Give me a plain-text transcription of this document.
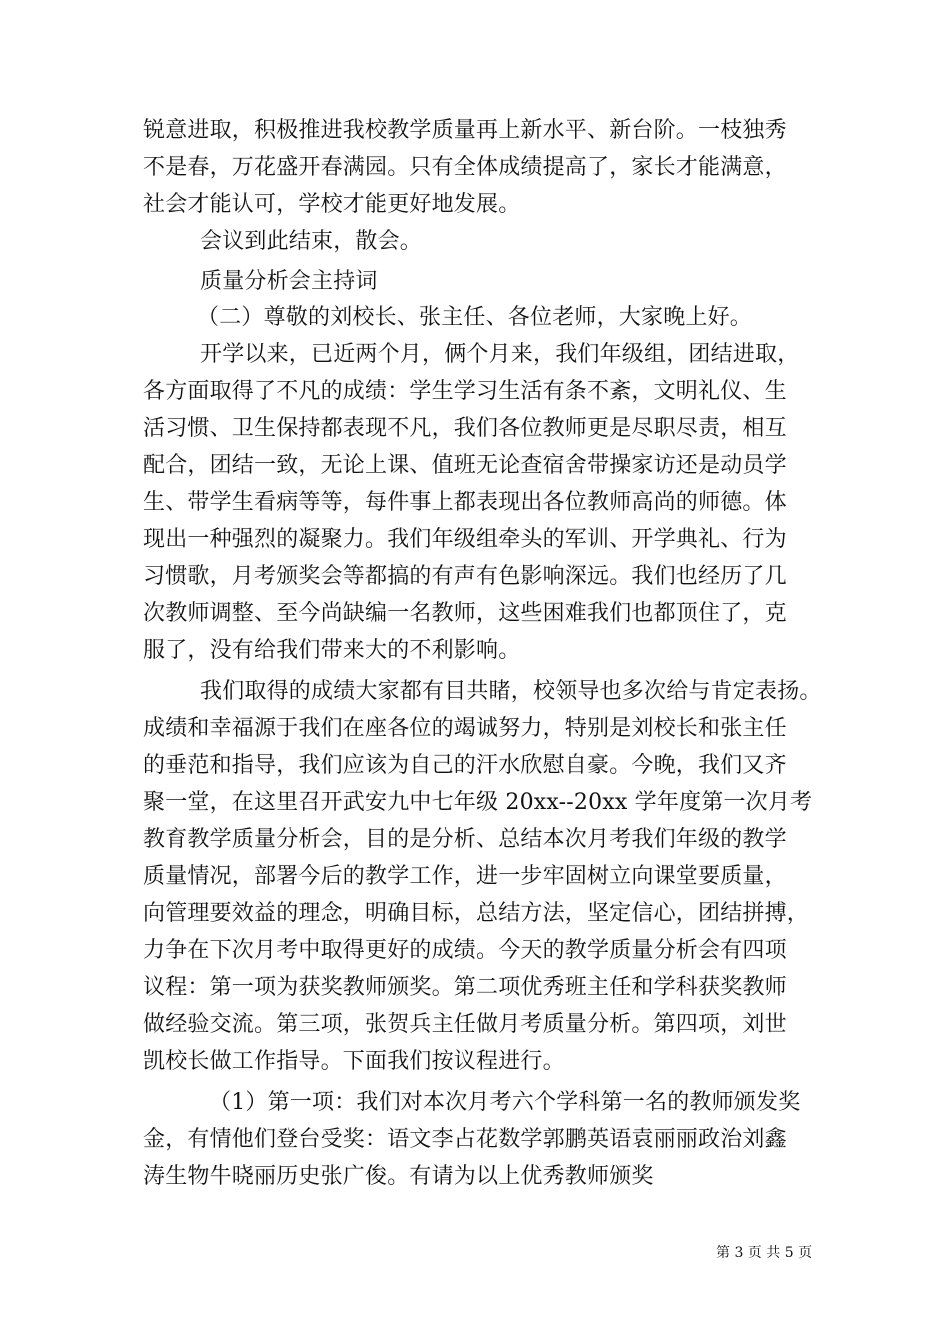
锐意进取，积极推进我校教学质量再上新水平、新台阶。一枝独秀
不是春，万花盛开春满园。只有全体成绩提高了，家长才能满意，
社会才能认可，学校才能更好地发展。
会议到此结束，散会。
质量分析会主持词
（二）尊敬的刘校长、张主任、各位老师，大家晚上好。
开学以来，已近两个月，俩个月来，我们年级组，团结进取，
各方面取得了不凡的成绩：学生学习生活有条不紊，文明礼仪、生
活习惯、卫生保持都表现不凡，我们各位教师更是尽职尽责，相互
配合，团结一致，无论上课、值班无论查宿舍带操家访还是动员学
生、带学生看病等等，每件事上都表现出各位教师高尚的师德。体
现出一种强烈的凝聚力。我们年级组牵头的军训、开学典礼、行为
习惯歌，月考颁奖会等都搞的有声有色影响深远。我们也经历了几
次教师调整、至今尚缺编一名教师，这些困难我们也都顶住了，克
服了，没有给我们带来大的不利影响。
我们取得的成绩大家都有目共睹，校领导也多次给与肯定表扬。
成绩和幸福源于我们在座各位的竭诚努力，特别是刘校长和张主任
的垂范和指导，我们应该为自己的汗水欣慰自豪。今晚，我们又齐
聚一堂，在这里召开武安九中七年级 20xx--20xx 学年度第一次月考
教育教学质量分析会，目的是分析、总结本次月考我们年级的教学
质量情况，部署今后的教学工作，进一步牢固树立向课堂要质量，
向管理要效益的理念，明确目标，总结方法，坚定信心，团结拼搏，
力争在下次月考中取得更好的成绩。今天的教学质量分析会有四项
议程：第一项为获奖教师颁奖。第二项优秀班主任和学科获奖教师
做经验交流。第三项，张贺兵主任做月考质量分析。第四项，刘世
凯校长做工作指导。下面我们按议程进行。
（1）第一项：我们对本次月考六个学科第一名的教师颁发奖
金，有情他们登台受奖：语文李占花数学郭鹏英语袁丽丽政治刘鑫
涛生物牛晓丽历史张广俊。有请为以上优秀教师颁奖
第 3 页 共 5 页
